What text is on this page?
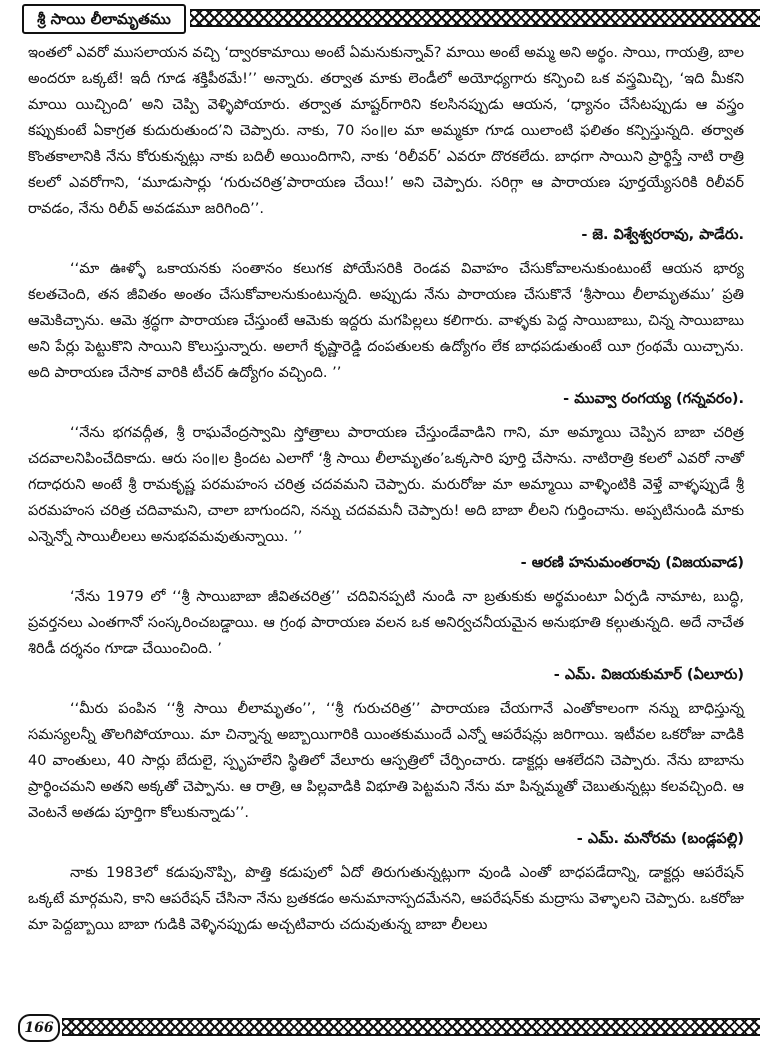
శ్రీ సాయి లీలామృతము

ఇంతలో ఎవరో ముసలాయన వచ్చి ‘ద్వారకామాయి అంటే ఏమనుకున్నావ్? మాయి అంటే అమ్మ అని అర్థం. సాయి, గాయత్రి, బాల అందరూ ఒక్కటే! ఇదీ గూడ శక్తిపీఠమే!’’ అన్నారు. తర్వాత మాకు లెండీలో అయోధ్యగారు కన్పించి ఒక వస్త్రమిచ్చి, ‘ఇది మీకని మాయి యిచ్చింది’ అని చెప్పి వెళ్ళిపోయారు. తర్వాత మాష్టర్‌గారిని కలసినప్పుడు ఆయన, ‘ధ్యానం చేసేటప్పుడు ఆ వస్త్రం కప్పుకుంటే ఏకాగ్రత కుదురుతుంద’ని చెప్పారు. నాకు, 70 సం॥ల మా అమ్మకూ గూడ యిలాంటి ఫలితం కన్పిస్తున్నది. తర్వాత కొంతకాలానికి నేను కోరుకున్నట్లు నాకు బదిలీ అయిందిగాని, నాకు ‘రిలీవర్’ ఎవరూ దొరకలేదు. బాధగా సాయిని ప్రార్థిస్తే నాటి రాత్రి కలలో ఎవరోగాని, ‘మూడుసార్లు ‘గురుచరిత్ర’పారాయణ చేయి!’ అని చెప్పారు. సరిగ్గా ఆ పారాయణ పూర్తయ్యేసరికి రిలీవర్ రావడం, నేను రిలీవ్ అవడమూ జరిగింది’’.

- జె. విశ్వేశ్వరరావు, పాడేరు.

‘‘మా ఊళ్ళో ఒకాయనకు సంతానం కలుగక పోయేసరికి రెండవ వివాహం చేసుకోవాలనుకుంటుంటే ఆయన భార్య కలతచెంది, తన జీవితం అంతం చేసుకోవాలనుకుంటున్నది. అప్పుడు నేను పారాయణ చేసుకొనే ‘శ్రీసాయి లీలామృతము’ ప్రతి ఆమెకిచ్చాను. ఆమె శ్రద్ధగా పారాయణ చేస్తుంటే ఆమెకు ఇద్దరు మగపిల్లలు కలిగారు. వాళ్ళకు పెద్ద సాయిబాబు, చిన్న సాయిబాబు అని పేర్లు పెట్టుకొని సాయిని కొలుస్తున్నారు. అలాగే కృష్ణారెడ్డి దంపతులకు ఉద్యోగం లేక బాధపడుతుంటే యీ గ్రంథమే యిచ్చాను. అది పారాయణ చేసాక వారికి టీచర్ ఉద్యోగం వచ్చింది. ’’

- మువ్వా రంగయ్య (గన్నవరం).

‘‘నేను భగవద్గీత, శ్రీ రాఘవేంద్రస్వామి స్తోత్రాలు పారాయణ చేస్తుండేవాడిని గాని, మా అమ్మాయి చెప్పిన బాబా చరిత్ర చదవాలనిపించేదికాదు. ఆరు సం॥ల క్రిందట ఎలాగో ‘శ్రీ సాయి లీలామృతం’ఒక్కసారి పూర్తి చేసాను. నాటిరాత్రి కలలో ఎవరో నాతో గదాధరుని అంటే శ్రీ రామకృష్ణ పరమహంస చరిత్ర చదవమని చెప్పారు. మరురోజు మా అమ్మాయి వాళ్ళింటికి వెళ్తే వాళ్ళప్పుడే శ్రీ పరమహంస చరిత్ర చదివామని, చాలా బాగుందని, నన్ను చదవమనీ చెప్పారు! అది బాబా లీలని గుర్తించాను. అప్పటినుండి మాకు ఎన్నెన్నో సాయిలీలలు అనుభవమవుతున్నాయి. ’’

- ఆరణి హనుమంతరావు (విజయవాడ)

‘నేను 1979 లో ‘‘శ్రీ సాయిబాబా జీవితచరిత్ర’’ చదివినప్పటి నుండి నా బ్రతుకుకు అర్థమంటూ ఏర్పడి నామాట, బుద్ధి, ప్రవర్తనలు ఎంతగానో సంస్కరించబడ్డాయి. ఆ గ్రంథ పారాయణ వలన ఒక అనిర్వచనీయమైన అనుభూతి కల్గుతున్నది. అదే నాచేత శిరిడీ దర్శనం గూడా చేయించింది. ’

- ఎమ్. విజయకుమార్ (ఏలూరు)

‘‘మీరు పంపిన ‘‘శ్రీ సాయి లీలామృతం’’, ‘‘శ్రీ గురుచరిత్ర’’ పారాయణ చేయగానే ఎంతోకాలంగా నన్ను బాధిస్తున్న సమస్యలన్నీ తొలగిపోయాయి. మా చిన్నాన్న అబ్బాయిగారికి యింతకుముందే ఎన్నో ఆపరేషన్లు జరిగాయి. ఇటీవల ఒకరోజు వాడికి 40 వాంతులు, 40 సార్లు బేదులై, స్పృహలేని స్థితిలో వేలూరు ఆస్పత్రిలో చేర్పించారు. డాక్టర్లు ఆశలేదని చెప్పారు. నేను బాబాను ప్రార్థించమని అతని అక్కతో చెప్పాను. ఆ రాత్రి, ఆ పిల్లవాడికి విభూతి పెట్టమని నేను మా పిన్నమ్మతో చెబుతున్నట్లు కలవచ్చింది. ఆ వెంటనే అతడు పూర్తిగా కోలుకున్నాడు’’.

- ఎమ్. మనోరమ (బండ్లపల్లి)

నాకు 1983లో కడుపునొప్పి, పొత్తి కడుపులో ఏదో తిరుగుతున్నట్లుగా వుండి ఎంతో బాధపడేదాన్ని, డాక్టర్లు ఆపరేషన్ ఒక్కటే మార్గమని, కాని ఆపరేషన్ చేసినా నేను బ్రతకడం అనుమానాస్పదమేనని, ఆపరేషన్‌కు మద్రాసు వెళ్ళాలని చెప్పారు. ఒకరోజు మా పెద్దబ్బాయి బాబా గుడికి వెళ్ళినప్పుడు అచ్చటివారు చదువుతున్న బాబా లీలలు

166
